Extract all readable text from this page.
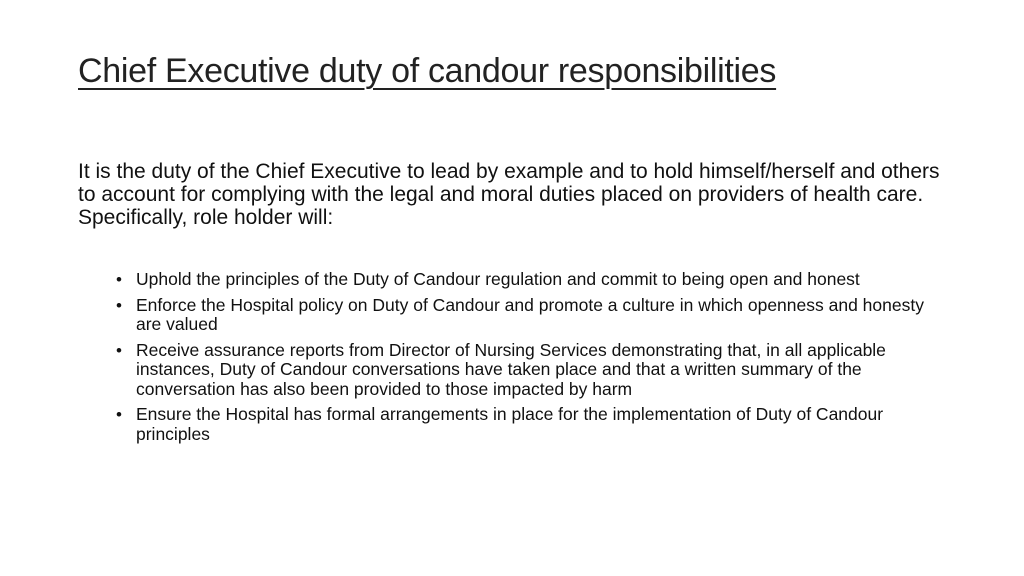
Chief Executive duty of candour responsibilities

It is the duty of the Chief Executive to lead by example and to hold himself/herself and others to account for complying with the legal and moral duties placed on providers of health care. Specifically, role holder will:

• Uphold the principles of the Duty of Candour regulation and commit to being open and honest
• Enforce the Hospital policy on Duty of Candour and promote a culture in which openness and honesty are valued
• Receive assurance reports from Director of Nursing Services demonstrating that, in all applicable instances, Duty of Candour conversations have taken place and that a written summary of the conversation has also been provided to those impacted by harm
• Ensure the Hospital has formal arrangements in place for the implementation of Duty of Candour principles
